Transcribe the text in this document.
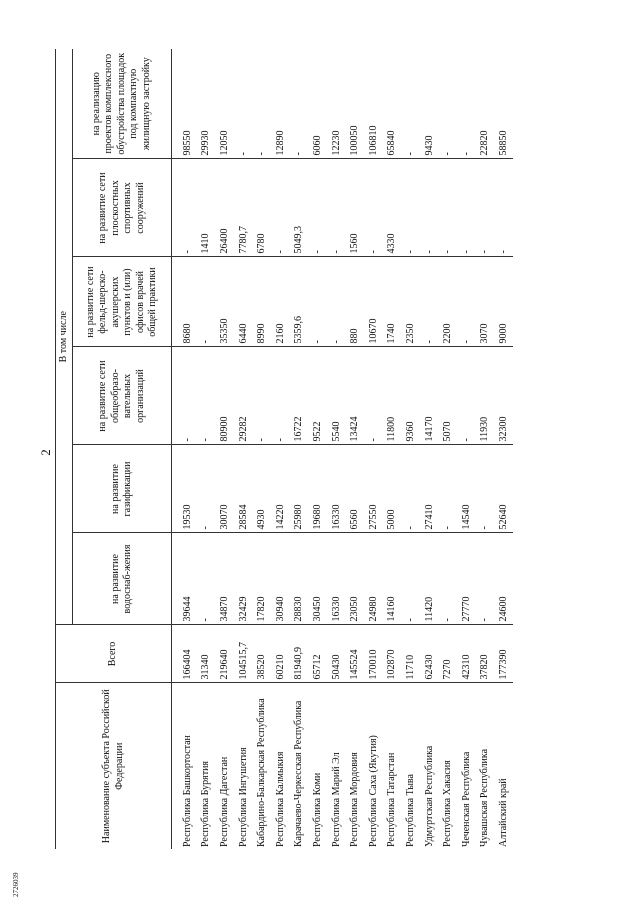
2726039
2
Наименование субъекта Российской Федерации	Всего	В том числе					
		на развитие водоснаб-жения	на развитие газификации	на развитие сети общеобразо-вательных организаций	на развитие сети фельд-шерско-акушерских пунктов и (или) офисов врачей общей практики	на развитие сети плоскостных спортивных сооружений	на реализацию проектов комплексного обустройства площадок под компактную жилищную застройку
Республика Башкортостан	166404	39644	19530	-	8680	-	98550
Республика Бурятия	31340	-	-	-	-	1410	29930
Республика Дагестан	219640	34870	30070	80900	35350	26400	12050
Республика Ингушетия	104515,7	32429	28584	29282	6440	7780,7	-
Кабардино-Балкарская Республика	38520	17820	4930	-	8990	6780	-
Республика Калмыкия	60210	30940	14220	-	2160	-	12890
Карачаево-Черкесская Республика	81940,9	28830	25980	16722	5359,6	5049,3	-
Республика Коми	65712	30450	19680	9522	-	-	6060
Республика Марий Эл	50430	16330	16330	5540	-	-	12230
Республика Мордовия	145524	23050	6560	13424	880	1560	100050
Республика Саха (Якутия)	170010	24980	27550	-	10670	-	106810
Республика Татарстан	102870	14160	5000	11800	1740	4330	65840
Республика Тыва	11710	-	-	9360	2350	-	-
Удмуртская Республика	62430	11420	27410	14170	-	-	9430
Республика Хакасия	7270	-	-	5070	2200	-	-
Чеченская Республика	42310	27770	14540	-	-	-	-
Чувашская Республика	37820	-	-	11930	3070	-	22820
Алтайский край	177390	24600	52640	32300	9000	-	58850
